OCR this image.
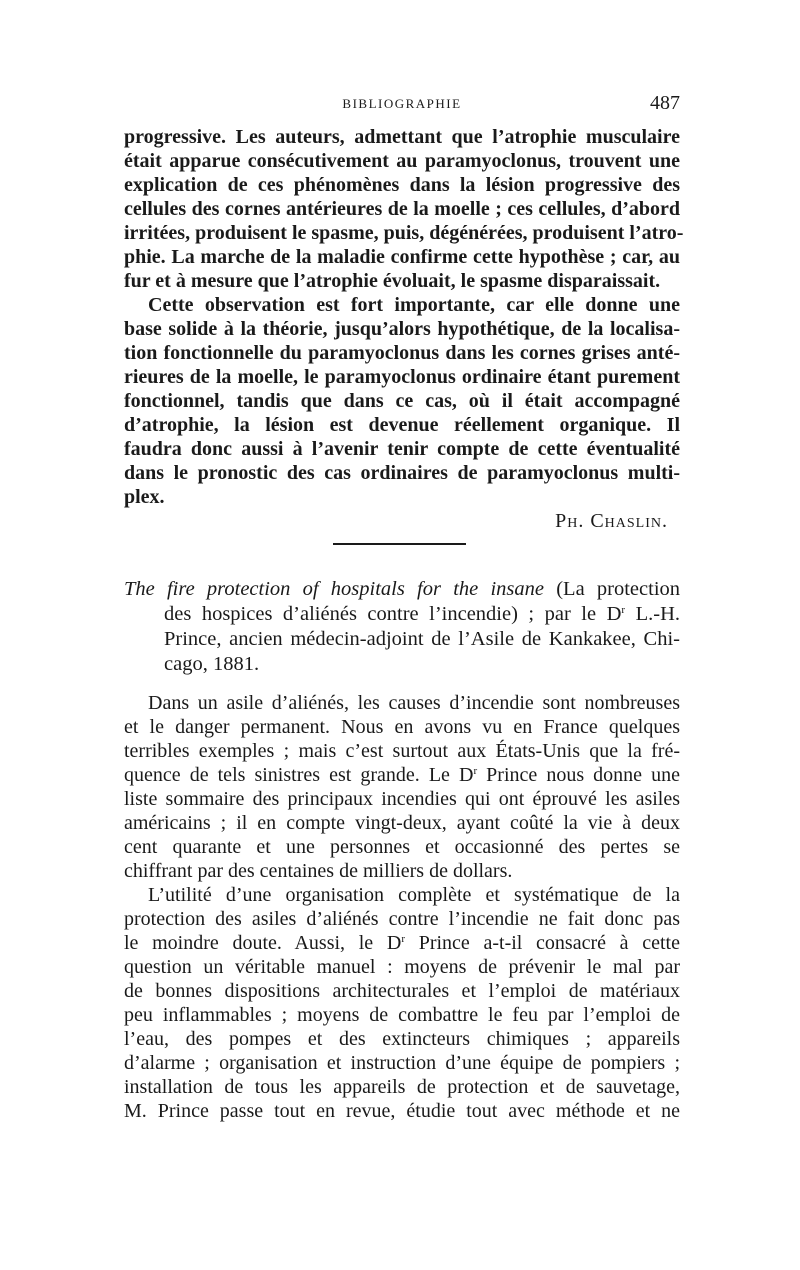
BIBLIOGRAPHIE	487
progressive. Les auteurs, admettant que l’atrophie musculaire
était apparue consécutivement au paramyoclonus, trouvent une
explication de ces phénomènes dans la lésion progressive des
cellules des cornes antérieures de la moelle ; ces cellules, d’abord
irritées, produisent le spasme, puis, dégénérées, produisent l’atro-
phie. La marche de la maladie confirme cette hypothèse ; car, au
fur et à mesure que l’atrophie évoluait, le spasme disparaissait.
Cette observation est fort importante, car elle donne une
base solide à la théorie, jusqu’alors hypothétique, de la localisa-
tion fonctionnelle du paramyoclonus dans les cornes grises anté-
rieures de la moelle, le paramyoclonus ordinaire étant purement
fonctionnel, tandis que dans ce cas, où il était accompagné
d’atrophie, la lésion est devenue réellement organique. Il
faudra donc aussi à l’avenir tenir compte de cette éventualité
dans le pronostic des cas ordinaires de paramyoclonus multi-
plex.
Ph. Chaslin.
The fire protection of hospitals for the insane (La protection
des hospices d’aliénés contre l’incendie) ; par le $D^r$ L.-H.
Prince, ancien médecin-adjoint de l’Asile de Kankakee, Chi-
cago, 1881.
Dans un asile d’aliénés, les causes d’incendie sont nombreuses
et le danger permanent. Nous en avons vu en France quelques
terribles exemples ; mais c’est surtout aux États-Unis que la fré-
quence de tels sinistres est grande. Le $D^r$ Prince nous donne une
liste sommaire des principaux incendies qui ont éprouvé les asiles
américains ; il en compte vingt-deux, ayant coûté la vie à deux
cent quarante et une personnes et occasionné des pertes se
chiffrant par des centaines de milliers de dollars.
L’utilité d’une organisation complète et systématique de la
protection des asiles d’aliénés contre l’incendie ne fait donc pas
le moindre doute. Aussi, le $D^r$ Prince a-t-il consacré à cette
question un véritable manuel : moyens de prévenir le mal par
de bonnes dispositions architecturales et l’emploi de matériaux
peu inflammables ; moyens de combattre le feu par l’emploi de
l’eau, des pompes et des extincteurs chimiques ; appareils
d’alarme ; organisation et instruction d’une équipe de pompiers ;
installation de tous les appareils de protection et de sauvetage,
M. Prince passe tout en revue, étudie tout avec méthode et ne
